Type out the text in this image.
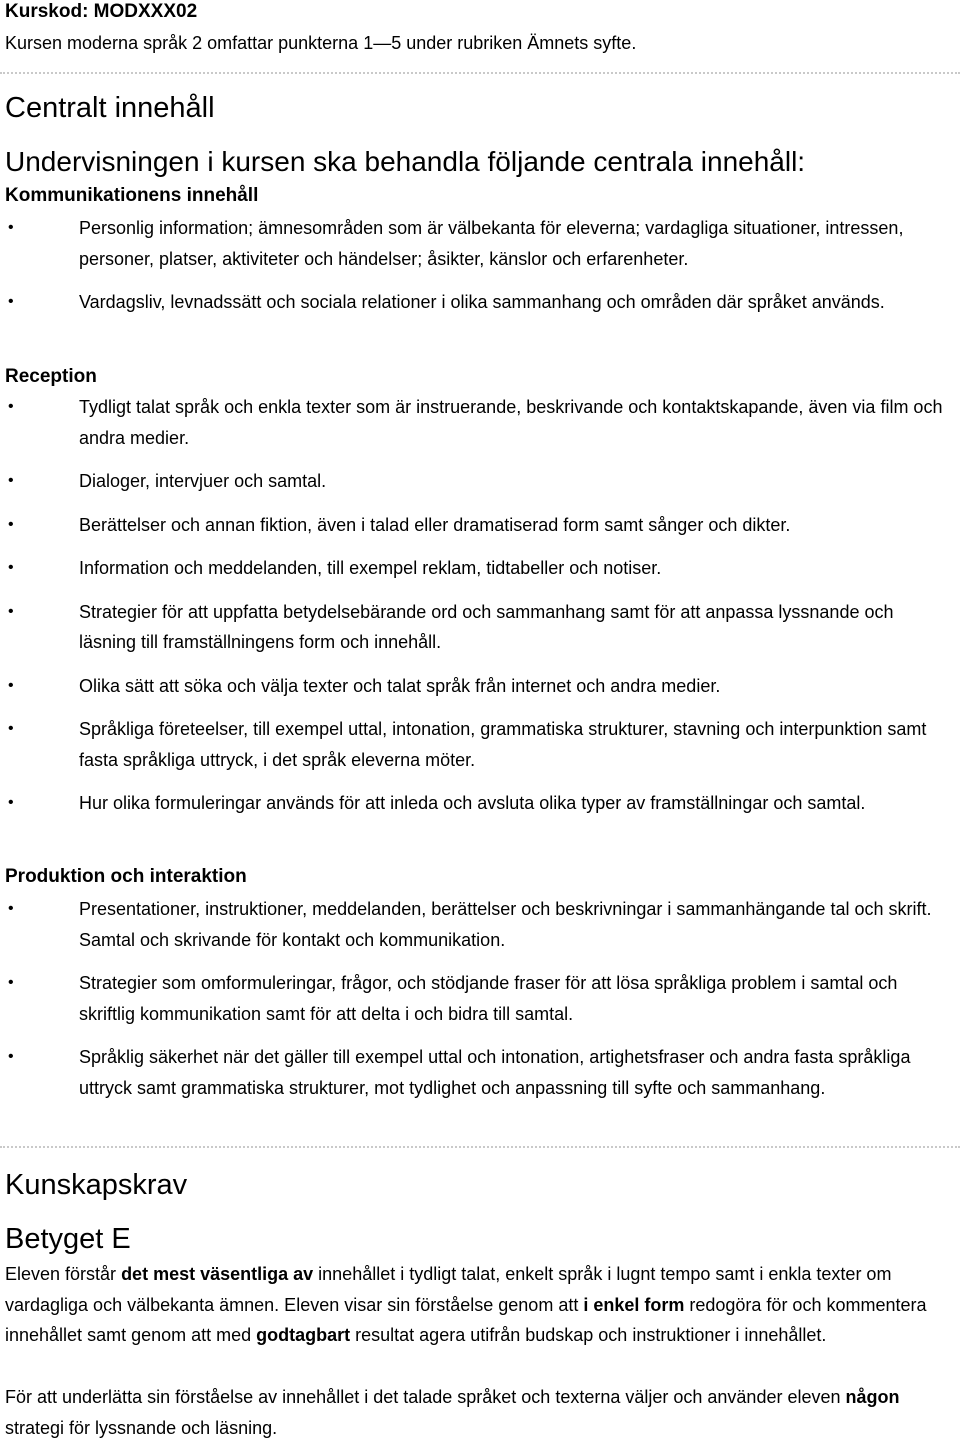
Kurskod: MODXXX02
Kursen moderna språk 2 omfattar punkterna 1—5 under rubriken Ämnets syfte.
Centralt innehåll
Undervisningen i kursen ska behandla följande centrala innehåll:
Kommunikationens innehåll
• Personlig information; ämnesområden som är välbekanta för eleverna; vardagliga situationer, intressen, personer, platser, aktiviteter och händelser; åsikter, känslor och erfarenheter.
• Vardagsliv, levnadssätt och sociala relationer i olika sammanhang och områden där språket används.
Reception
• Tydligt talat språk och enkla texter som är instruerande, beskrivande och kontaktskapande, även via film och andra medier.
• Dialoger, intervjuer och samtal.
• Berättelser och annan fiktion, även i talad eller dramatiserad form samt sånger och dikter.
• Information och meddelanden, till exempel reklam, tidtabeller och notiser.
• Strategier för att uppfatta betydelsebärande ord och sammanhang samt för att anpassa lyssnande och läsning till framställningens form och innehåll.
• Olika sätt att söka och välja texter och talat språk från internet och andra medier.
• Språkliga företeelser, till exempel uttal, intonation, grammatiska strukturer, stavning och interpunktion samt fasta språkliga uttryck, i det språk eleverna möter.
• Hur olika formuleringar används för att inleda och avsluta olika typer av framställningar och samtal.
Produktion och interaktion
• Presentationer, instruktioner, meddelanden, berättelser och beskrivningar i sammanhängande tal och skrift. Samtal och skrivande för kontakt och kommunikation.
• Strategier som omformuleringar, frågor, och stödjande fraser för att lösa språkliga problem i samtal och skriftlig kommunikation samt för att delta i och bidra till samtal.
• Språklig säkerhet när det gäller till exempel uttal och intonation, artighetsfraser och andra fasta språkliga uttryck samt grammatiska strukturer, mot tydlighet och anpassning till syfte och sammanhang.
Kunskapskrav
Betyget E

Eleven förstår det mest väsentliga av innehållet i tydligt talat, enkelt språk i lugnt tempo samt i enkla texter om vardagliga och välbekanta ämnen. Eleven visar sin förståelse genom att i enkel form redogöra för och kommentera innehållet samt genom att med godtagbart resultat agera utifrån budskap och instruktioner i innehållet.

För att underlätta sin förståelse av innehållet i det talade språket och texterna väljer och använder eleven någon strategi för lyssnande och läsning.
